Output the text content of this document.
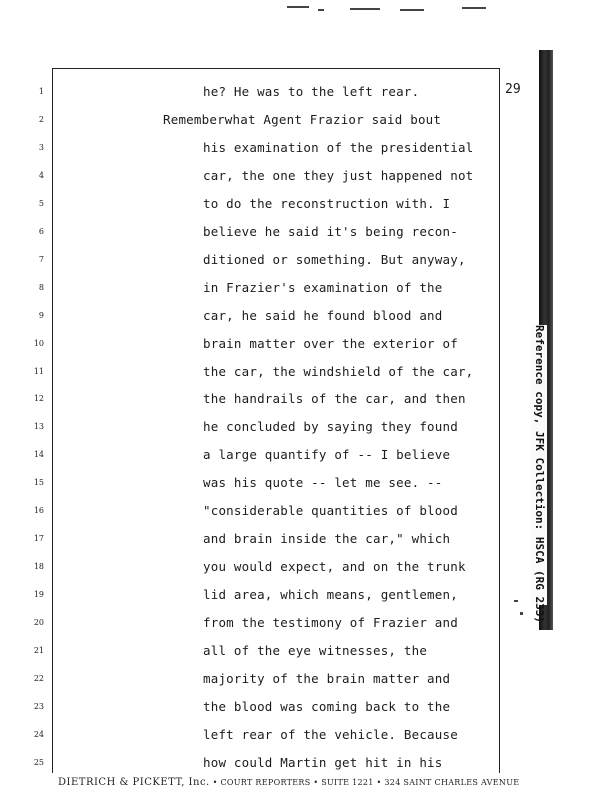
Reference copy, JFK Collection: HSCA (RG 233)
29
1	he? He was to the left rear.
2	Rememberwhat Agent Frazior said bout
3	his examination of the presidential
4	car, the one they just happened not
5	to do the reconstruction with. I
6	believe he said it's being recon-
7	ditioned or something. But anyway,
8	in Frazier's examination of the
9	car, he said he found blood and
10	brain matter over the exterior of
11	the car, the windshield of the car,
12	the handrails of the car, and then
13	he concluded by saying they found
14	a large quantify of -- I believe
15	was his quote -- let me see. --
16	"considerable quantities of blood
17	and brain inside the car," which
18	you would expect, and on the trunk
19	lid area, which means, gentlemen,
20	from the testimony of Frazier and
21	all of the eye witnesses, the
22	majority of the brain matter and
23	the blood was coming back to the
24	left rear of the vehicle. Because
25	how could Martin get hit in his
DIETRICH & PICKETT, Inc. • COURT REPORTERS • SUITE 1221 • 324 SAINT CHARLES AVENUE
